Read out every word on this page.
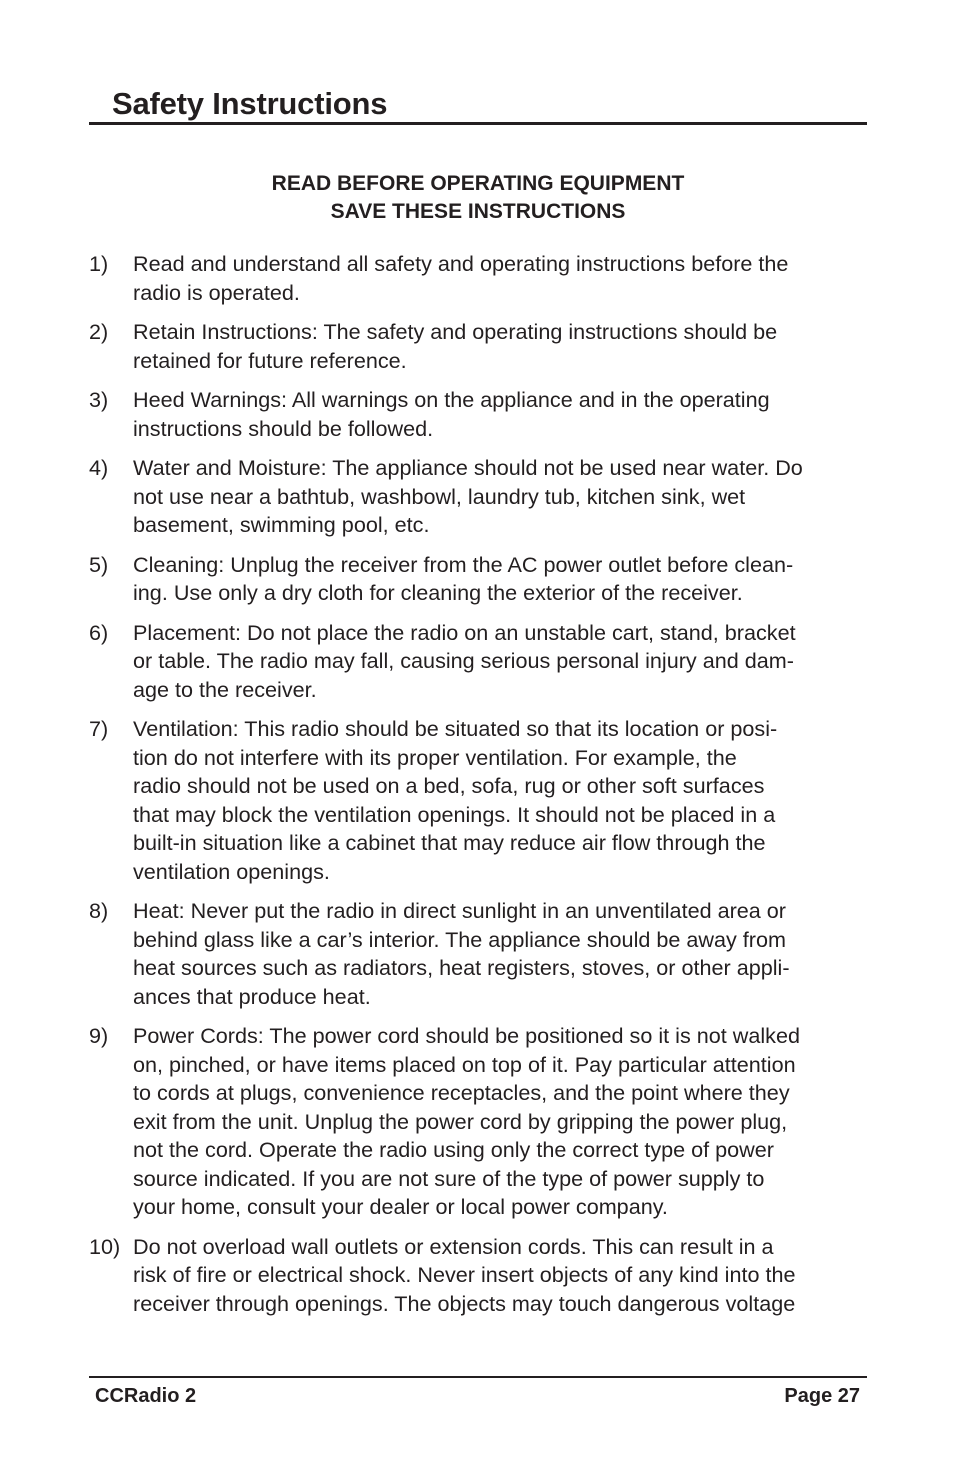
Safety Instructions
READ BEFORE OPERATING EQUIPMENT
SAVE THESE INSTRUCTIONS
1) Read and understand all safety and operating instructions before the
radio is operated.
2) Retain Instructions: The safety and operating instructions should be
retained for future reference.
3) Heed Warnings: All warnings on the appliance and in the operating
instructions should be followed.
4) Water and Moisture: The appliance should not be used near water. Do
not use near a bathtub, washbowl, laundry tub, kitchen sink, wet
basement, swimming pool, etc.
5) Cleaning: Unplug the receiver from the AC power outlet before clean-
ing. Use only a dry cloth for cleaning the exterior of the receiver.
6) Placement: Do not place the radio on an unstable cart, stand, bracket
or table. The radio may fall, causing serious personal injury and dam-
age to the receiver.
7) Ventilation: This radio should be situated so that its location or posi-
tion do not interfere with its proper ventilation. For example, the
radio should not be used on a bed, sofa, rug or other soft surfaces
that may block the ventilation openings. It should not be placed in a
built-in situation like a cabinet that may reduce air flow through the
ventilation openings.
8) Heat: Never put the radio in direct sunlight in an unventilated area or
behind glass like a car’s interior. The appliance should be away from
heat sources such as radiators, heat registers, stoves, or other appli-
ances that produce heat.
9) Power Cords: The power cord should be positioned so it is not walked
on, pinched, or have items placed on top of it. Pay particular attention
to cords at plugs, convenience receptacles, and the point where they
exit from the unit. Unplug the power cord by gripping the power plug,
not the cord. Operate the radio using only the correct type of power
source indicated. If you are not sure of the type of power supply to
your home, consult your dealer or local power company.
10) Do not overload wall outlets or extension cords. This can result in a
risk of fire or electrical shock. Never insert objects of any kind into the
receiver through openings. The objects may touch dangerous voltage
CCRadio 2	Page 27
